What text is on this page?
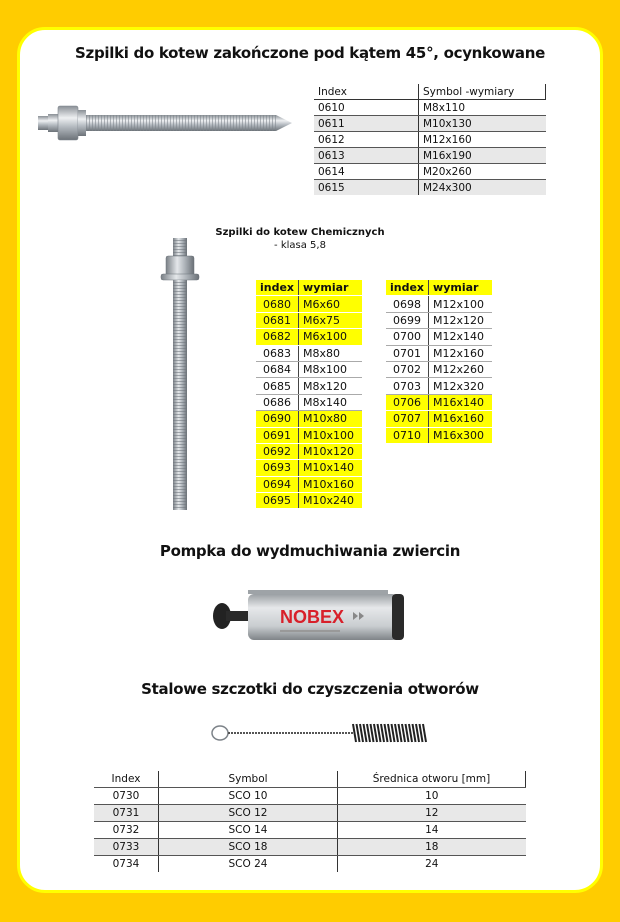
Szpilki do kotew zakończone pod kątem 45°, ocynkowane
Index	Symbol -wymiary
0610	M8x110
0611	M10x130
0612	M12x160
0613	M16x190
0614	M20x260
0615	M24x300
Szpilki do kotew Chemicznych
- klasa 5,8
index	wymiar
0680	M6x60
0681	M6x75
0682	M6x100
0683	M8x80
0684	M8x100
0685	M8x120
0686	M8x140
0690	M10x80
0691	M10x100
0692	M10x120
0693	M10x140
0694	M10x160
0695	M10x240
index	wymiar
0698	M12x100
0699	M12x120
0700	M12x140
0701	M12x160
0702	M12x260
0703	M12x320
0706	M16x140
0707	M16x160
0710	M16x300
Pompka do wydmuchiwania zwiercin
NOBEX
Stalowe szczotki do czyszczenia otworów
Index	Symbol	Średnica otworu [mm]
0730	SCO 10	10
0731	SCO 12	12
0732	SCO 14	14
0733	SCO 18	18
0734	SCO 24	24
